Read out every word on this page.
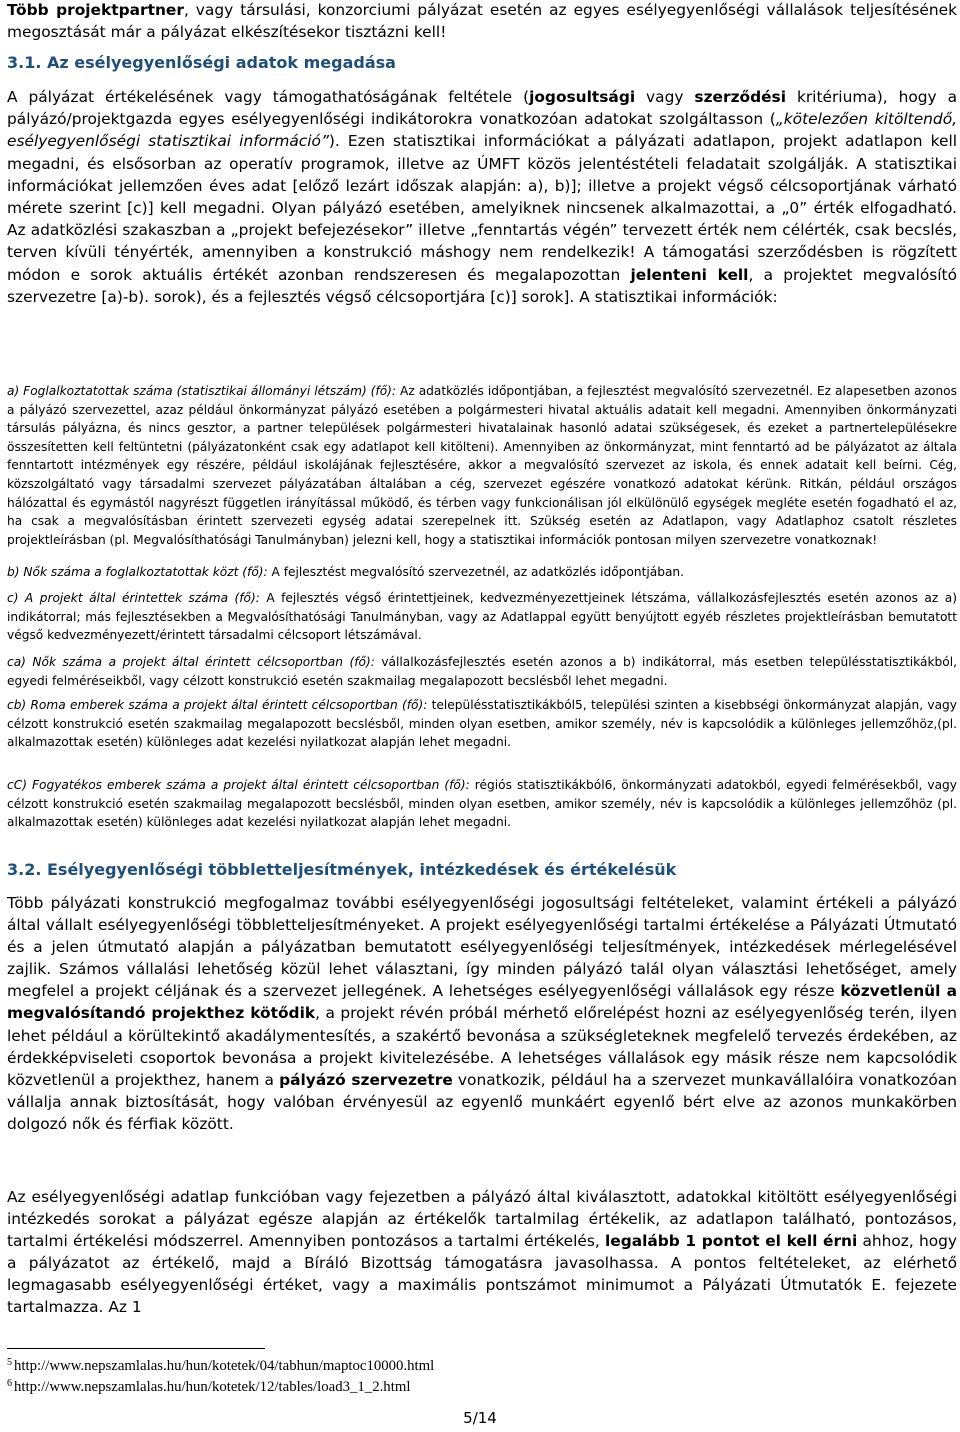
Több projektpartner, vagy társulási, konzorciumi pályázat esetén az egyes esélyegyenlőségi vállalások teljesítésének megosztását már a pályázat elkészítésekor tisztázni kell!

3.1. Az esélyegyenlőségi adatok megadása

A pályázat értékelésének vagy támogathatóságának feltétele (jogosultsági vagy szerződési kritériuma), hogy a pályázó/projektgazda egyes esélyegyenlőségi indikátorokra vonatkozóan adatokat szolgáltasson („kötelezően kitöltendő, esélyegyenlőségi statisztikai információ”). Ezen statisztikai információkat a pályázati adatlapon, projekt adatlapon kell megadni, és elsősorban az operatív programok, illetve az ÚMFT közös jelentéstételi feladatait szolgálják. A statisztikai információkat jellemzően éves adat [előző lezárt időszak alapján: a), b)]; illetve a projekt végső célcsoportjának várható mérete szerint [c)] kell megadni. Olyan pályázó esetében, amelyiknek nincsenek alkalmazottai, a „0” érték elfogadható. Az adatközlési szakaszban a „projekt befejezésekor” illetve „fenntartás végén” tervezett érték nem célérték, csak becslés, terven kívüli tényérték, amennyiben a konstrukció máshogy nem rendelkezik! A támogatási szerződésben is rögzített módon e sorok aktuális értékét azonban rendszeresen és megalapozottan jelenteni kell, a projektet megvalósító szervezetre [a)-b). sorok), és a fejlesztés végső célcsoportjára [c)] sorok]. A statisztikai információk:

a) Foglalkoztatottak száma (statisztikai állományi létszám) (fő): Az adatközlés időpontjában, a fejlesztést megvalósító szervezetnél. Ez alapesetben azonos a pályázó szervezettel, azaz például önkormányzat pályázó esetében a polgármesteri hivatal aktuális adatait kell megadni. Amennyiben önkormányzati társulás pályázna, és nincs gesztor, a partner települések polgármesteri hivatalainak hasonló adatai szükségesek, és ezeket a partnertelepülésekre összesítetten kell feltüntetni (pályázatonként csak egy adatlapot kell kitölteni). Amennyiben az önkormányzat, mint fenntartó ad be pályázatot az általa fenntartott intézmények egy részére, például iskolájának fejlesztésére, akkor a megvalósító szervezet az iskola, és ennek adatait kell beírni. Cég, közszolgáltató vagy társadalmi szervezet pályázatában általában a cég, szervezet egészére vonatkozó adatokat kérünk. Ritkán, például országos hálózattal és egymástól nagyrészt független irányítással működő, és térben vagy funkcionálisan jól elkülönülő egységek megléte esetén fogadható el az, ha csak a megvalósításban érintett szervezeti egység adatai szerepelnek itt. Szükség esetén az Adatlapon, vagy Adatlaphoz csatolt részletes projektleírásban (pl. Megvalósíthatósági Tanulmányban) jelezni kell, hogy a statisztikai információk pontosan milyen szervezetre vonatkoznak!

b) Nők száma a foglalkoztatottak közt (fő): A fejlesztést megvalósító szervezetnél, az adatközlés időpontjában.

c) A projekt által érintettek száma (fő): A fejlesztés végső érintettjeinek, kedvezményezettjeinek létszáma, vállalkozásfejlesztés esetén azonos az a) indikátorral; más fejlesztésekben a Megvalósíthatósági Tanulmányban, vagy az Adatlappal együtt benyújtott egyéb részletes projektleírásban bemutatott végső kedvezményezett/érintett társadalmi célcsoport létszámával.

ca) Nők száma a projekt által érintett célcsoportban (fő): vállalkozásfejlesztés esetén azonos a b) indikátorral, más esetben településstatisztikákból, egyedi felméréseikből, vagy célzott konstrukció esetén szakmailag megalapozott becslésből lehet megadni.

cb) Roma emberek száma a projekt által érintett célcsoportban (fő): településstatisztikákból5, települési szinten a kisebbségi önkormányzat alapján, vagy célzott konstrukció esetén szakmailag megalapozott becslésből, minden olyan esetben, amikor személy, név is kapcsolódik a különleges jellemzőhöz,(pl. alkalmazottak esetén) különleges adat kezelési nyilatkozat alapján lehet megadni.

cC) Fogyatékos emberek száma a projekt által érintett célcsoportban (fő): régiós statisztikákból6, önkormányzati adatokból, egyedi felmérésekből, vagy célzott konstrukció esetén szakmailag megalapozott becslésből, minden olyan esetben, amikor személy, név is kapcsolódik a különleges jellemzőhöz (pl. alkalmazottak esetén) különleges adat kezelési nyilatkozat alapján lehet megadni.

3.2. Esélyegyenlőségi többletteljesítmények, intézkedések és értékelésük

Több pályázati konstrukció megfogalmaz további esélyegyenlőségi jogosultsági feltételeket, valamint értékeli a pályázó által vállalt esélyegyenlőségi többletteljesítményeket. A projekt esélyegyenlőségi tartalmi értékelése a Pályázati Útmutató és a jelen útmutató alapján a pályázatban bemutatott esélyegyenlőségi teljesítmények, intézkedések mérlegelésével zajlik. Számos vállalási lehetőség közül lehet választani, így minden pályázó talál olyan választási lehetőséget, amely megfelel a projekt céljának és a szervezet jellegének. A lehetséges esélyegyenlőségi vállalások egy része közvetlenül a megvalósítandó projekthez kötődik, a projekt révén próbál mérhető előrelépést hozni az esélyegyenlőség terén, ilyen lehet például a körültekintő akadálymentesítés, a szakértő bevonása a szükségleteknek megfelelő tervezés érdekében, az érdekképviseleti csoportok bevonása a projekt kivitelezésébe. A lehetséges vállalások egy másik része nem kapcsolódik közvetlenül a projekthez, hanem a pályázó szervezetre vonatkozik, például ha a szervezet munkavállalóira vonatkozóan vállalja annak biztosítását, hogy valóban érvényesül az egyenlő munkáért egyenlő bért elve az azonos munkakörben dolgozó nők és férfiak között.

Az esélyegyenlőségi adatlap funkcióban vagy fejezetben a pályázó által kiválasztott, adatokkal kitöltött esélyegyenlőségi intézkedés sorokat a pályázat egésze alapján az értékelők tartalmilag értékelik, az adatlapon található, pontozásos, tartalmi értékelési módszerrel. Amennyiben pontozásos a tartalmi értékelés, legalább 1 pontot el kell érni ahhoz, hogy a pályázatot az értékelő, majd a Bíráló Bizottság támogatásra javasolhassa. A pontos feltételeket, az elérhető legmagasabb esélyegyenlőségi értéket, vagy a maximális pontszámot minimumot a Pályázati Útmutatók E. fejezete tartalmazza. Az 1

$^5$ http://www.nepszamlalas.hu/hun/kotetek/04/tabhun/maptoc10000.html
$^6$ http://www.nepszamlalas.hu/hun/kotetek/12/tables/load3_1_2.html
5/14
